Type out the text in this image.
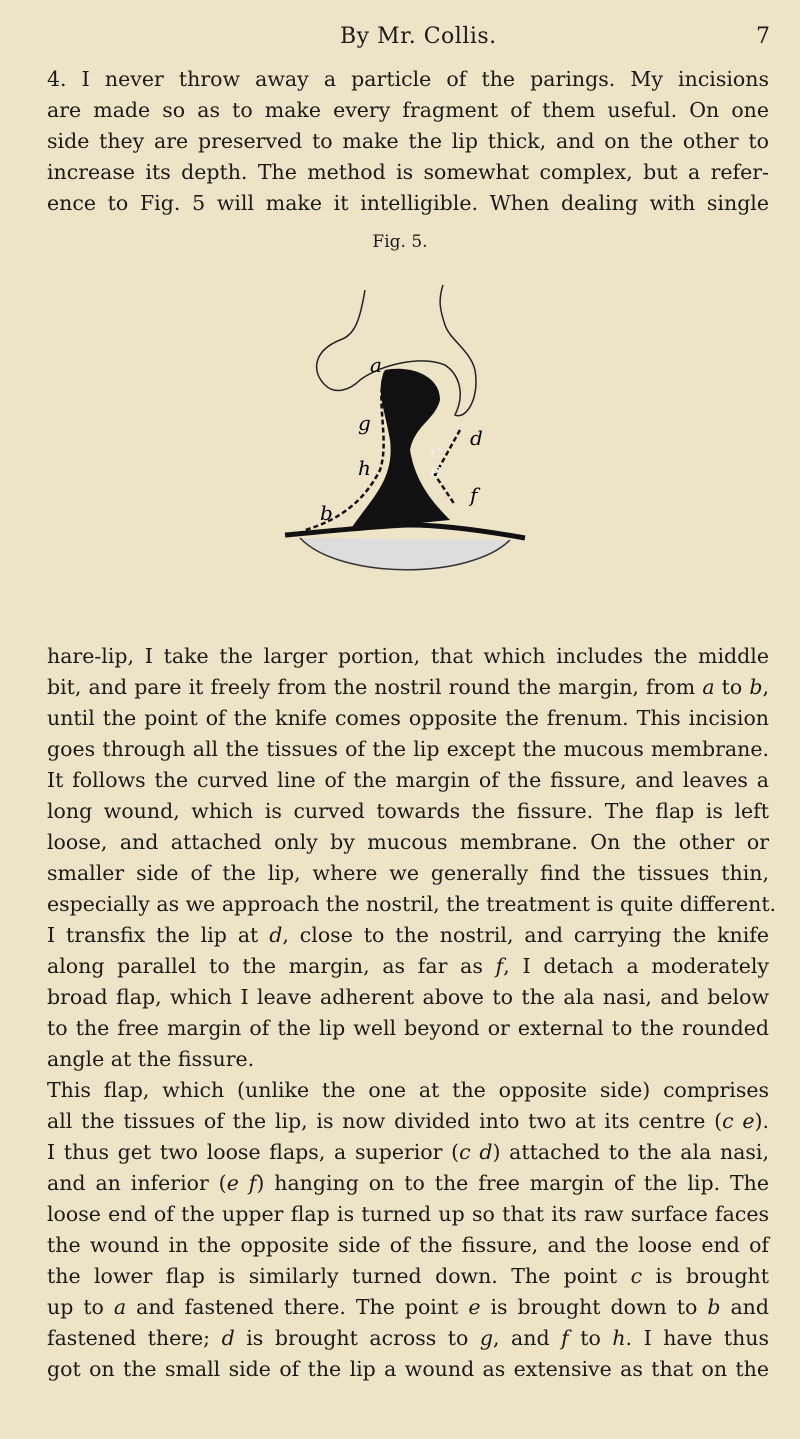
By Mr. Collis.	7
4. I never throw away a particle of the parings. My incisions
are made so as to make every fragment of them useful. On one
side they are preserved to make the lip thick, and on the other to
increase its depth. The method is somewhat complex, but a refer-
ence to Fig. 5 will make it intelligible. When dealing with single
Fig. 5.
a
b
c
d
e
f
g
h
hare-lip, I take the larger portion, that which includes the middle
bit, and pare it freely from the nostril round the margin, from a to b,
until the point of the knife comes opposite the frenum. This incision
goes through all the tissues of the lip except the mucous membrane.
It follows the curved line of the margin of the fissure, and leaves a
long wound, which is curved towards the fissure. The flap is left
loose, and attached only by mucous membrane. On the other or
smaller side of the lip, where we generally find the tissues thin,
especially as we approach the nostril, the treatment is quite different.
I transfix the lip at d, close to the nostril, and carrying the knife
along parallel to the margin, as far as f, I detach a moderately
broad flap, which I leave adherent above to the ala nasi, and below
to the free margin of the lip well beyond or external to the rounded
angle at the fissure.
This flap, which (unlike the one at the opposite side) comprises
all the tissues of the lip, is now divided into two at its centre (c e).
I thus get two loose flaps, a superior (c d) attached to the ala nasi,
and an inferior (e f) hanging on to the free margin of the lip. The
loose end of the upper flap is turned up so that its raw surface faces
the wound in the opposite side of the fissure, and the loose end of
the lower flap is similarly turned down. The point c is brought
up to a and fastened there. The point e is brought down to b and
fastened there; d is brought across to g, and f to h. I have thus
got on the small side of the lip a wound as extensive as that on the
